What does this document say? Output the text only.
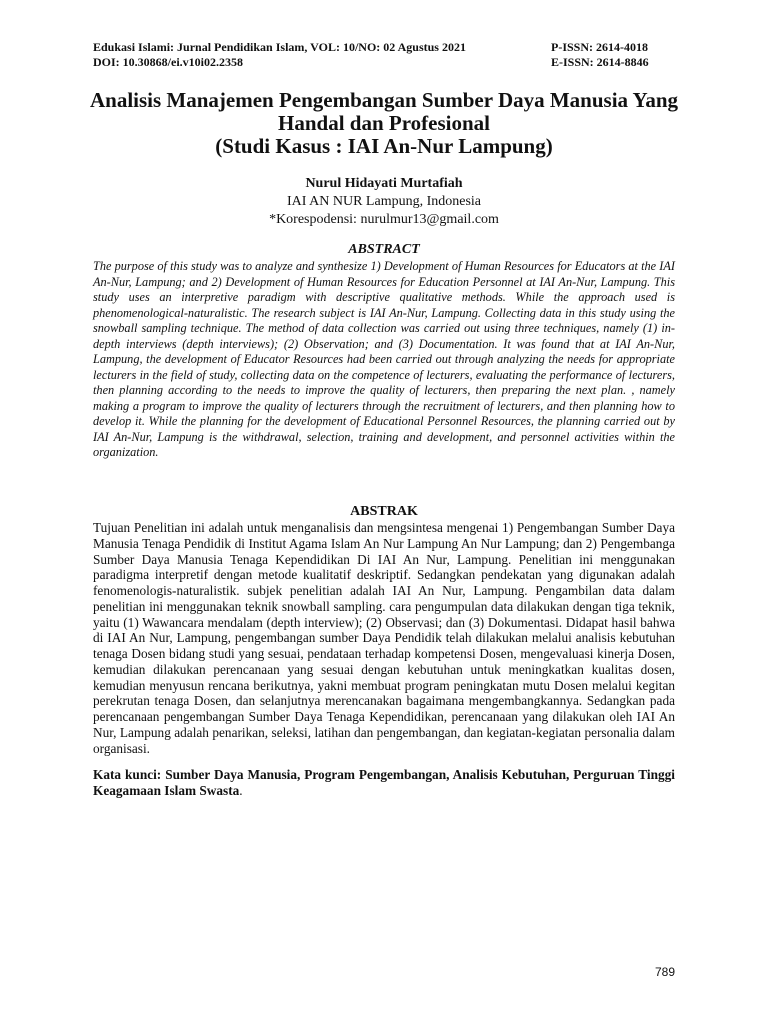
Edukasi Islami: Jurnal Pendidikan Islam, VOL: 10/NO: 02 Agustus 2021	P-ISSN: 2614-4018
DOI: 10.30868/ei.v10i02.2358	E-ISSN: 2614-8846
Analisis Manajemen Pengembangan Sumber Daya Manusia Yang
Handal dan Profesional
(Studi Kasus : IAI An-Nur Lampung)
Nurul Hidayati Murtafiah
IAI AN NUR Lampung, Indonesia
*Korespodensi: nurulmur13@gmail.com
ABSTRACT
The purpose of this study was to analyze and synthesize 1) Development of Human Resources for Educators at the IAI An-Nur, Lampung; and 2) Development of Human Resources for Education Personnel at IAI An-Nur, Lampung. This study uses an interpretive paradigm with descriptive qualitative methods. While the approach used is phenomenological-naturalistic. The research subject is IAI An-Nur, Lampung. Collecting data in this study using the snowball sampling technique. The method of data collection was carried out using three techniques, namely (1) in-depth interviews (depth interviews); (2) Observation; and (3) Documentation. It was found that at IAI An-Nur, Lampung, the development of Educator Resources had been carried out through analyzing the needs for appropriate lecturers in the field of study, collecting data on the competence of lecturers, evaluating the performance of lecturers, then planning according to the needs to improve the quality of lecturers, then preparing the next plan. , namely making a program to improve the quality of lecturers through the recruitment of lecturers, and then planning how to develop it. While the planning for the development of Educational Personnel Resources, the planning carried out by IAI An-Nur, Lampung is the withdrawal, selection, training and development, and personnel activities within the organization.
ABSTRAK
Tujuan Penelitian ini adalah untuk menganalisis dan mengsintesa mengenai 1) Pengembangan Sumber Daya Manusia Tenaga Pendidik di Institut Agama Islam An Nur Lampung An Nur Lampung; dan 2) Pengembanga Sumber Daya Manusia Tenaga Kependidikan Di IAI An Nur, Lampung. Penelitian ini menggunakan paradigma interpretif dengan metode kualitatif deskriptif. Sedangkan pendekatan yang digunakan adalah fenomenologis-naturalistik. subjek penelitian adalah IAI An Nur, Lampung. Pengambilan data dalam penelitian ini menggunakan teknik snowball sampling. cara pengumpulan data dilakukan dengan tiga teknik, yaitu (1) Wawancara mendalam (depth interview); (2) Observasi; dan (3) Dokumentasi. Didapat hasil bahwa di IAI An Nur, Lampung, pengembangan sumber Daya Pendidik telah dilakukan melalui analisis kebutuhan tenaga Dosen bidang studi yang sesuai, pendataan terhadap kompetensi Dosen, mengevaluasi kinerja Dosen, kemudian dilakukan perencanaan yang sesuai dengan kebutuhan untuk meningkatkan kualitas dosen, kemudian menyusun rencana berikutnya, yakni membuat program peningkatan mutu Dosen melalui kegitan perekrutan tenaga Dosen, dan selanjutnya merencanakan bagaimana mengembangkannya. Sedangkan pada perencanaan pengembangan Sumber Daya Tenaga Kependidikan, perencanaan yang dilakukan oleh IAI An Nur, Lampung adalah penarikan, seleksi, latihan dan pengembangan, dan kegiatan-kegiatan personalia dalam organisasi.
Kata kunci: Sumber Daya Manusia, Program Pengembangan, Analisis Kebutuhan, Perguruan Tinggi Keagamaan Islam Swasta.
789
